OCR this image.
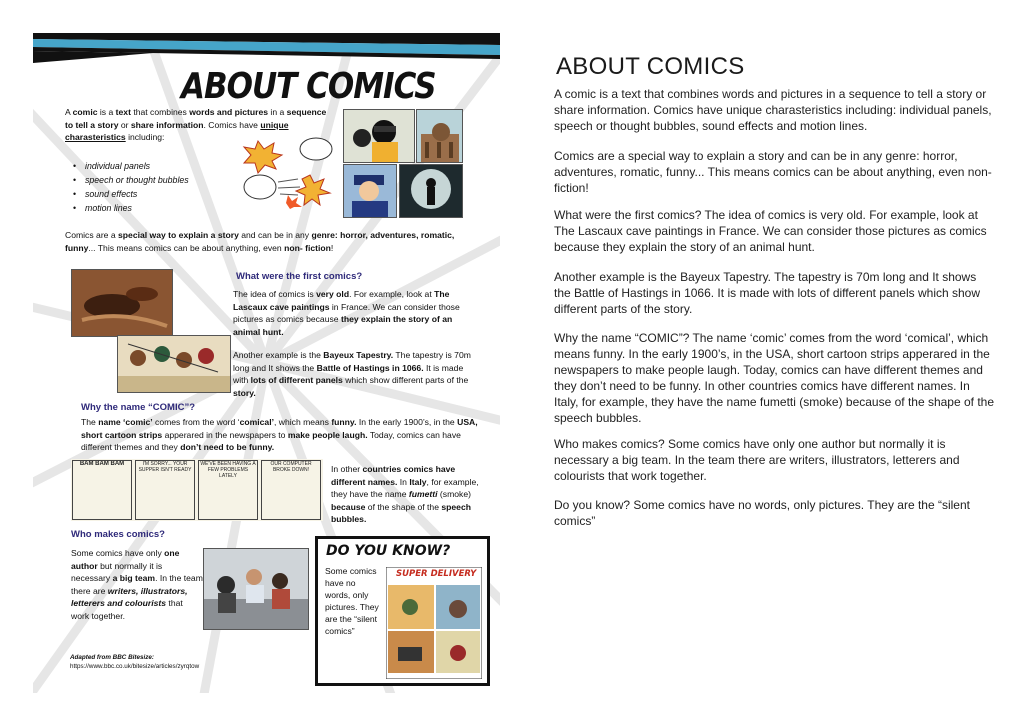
ABOUT COMICS
A comic is a text that combines words and pictures in a sequence to tell a story or share information. Comics have unique charasteristics including:
• individual panels
• speech or thought bubbles
• sound effects
• motion lines
Comics are a special way to explain a story and can be in any genre: horror, adventures, romatic, funny... This means comics can be about anything, even non- fiction!
What were the first comics?
The idea of comics is very old. For example, look at The Lascaux cave paintings in France. We can consider those pictures as comics because they explain the story of an animal hunt.
Another example is the Bayeux Tapestry. The tapestry is 70m long and It shows the Battle of Hastings in 1066. It is made with lots of different panels which show different parts of the story.
Why the name “COMIC”?
The name ‘comic’ comes from the word ‘comical’, which means funny. In the early 1900’s, in the USA, short cartoon strips apperared in the newspapers to make people laugh. Today, comics can have different themes and they don’t need to be funny.
BAM BAM BAM	I'M SORRY... YOUR SUPPER ISN'T READY
WE'VE BEEN HAVING A FEW PROBLEMS LATELY
OUR COMPUTER BROKE DOWN!	In other countries comics have different names. In Italy, for example, they have the name fumetti (smoke) because of the shape of the speech bubbles.
Who makes comics?
Some comics have only one author but normally it is necessary a big team. In the team there are writers, illustrators, letterers and colourists that work together.
DO YOU KNOW?
Some comics have no words, only pictures. They are the “silent comics”
SUPER DELIVERY
Adapted from BBC Bitesize:
https://www.bbc.co.uk/bitesize/articles/zyrqtow
ABOUT COMICS

A comic is a text that combines words and pictures in a sequence to tell a story or share information. Comics have unique charasteristics including: individual panels, speech or thought bubbles, sound effects and motion lines.

Comics are a special way to explain a story and can be in any genre: horror, adventures, romatic, funny... This means comics can be about anything, even non- fiction!

What were the first comics? The idea of comics is very old. For example, look at The Lascaux cave paintings in France. We can consider those pictures as comics because they explain the story of an animal hunt.

Another example is the Bayeux Tapestry. The tapestry is 70m long and It shows the Battle of Hastings in 1066. It is made with lots of different panels which show different parts of the story.

Why the name “COMIC”? The name ‘comic’ comes from the word ‘comical’, which means funny. In the early 1900’s, in the USA, short cartoon strips apperared in the newspapers to make people laugh. Today, comics can have different themes and they don’t need to be funny. In other countries comics have different names. In Italy, for example, they have the name fumetti (smoke) because of the shape of the speech bubbles.

Who makes comics? Some comics have only one author but normally it is necessary a big team. In the team there are writers, illustrators, letterers and colourists that work together.

Do you know? Some comics have no words, only pictures. They are the “silent comics”
